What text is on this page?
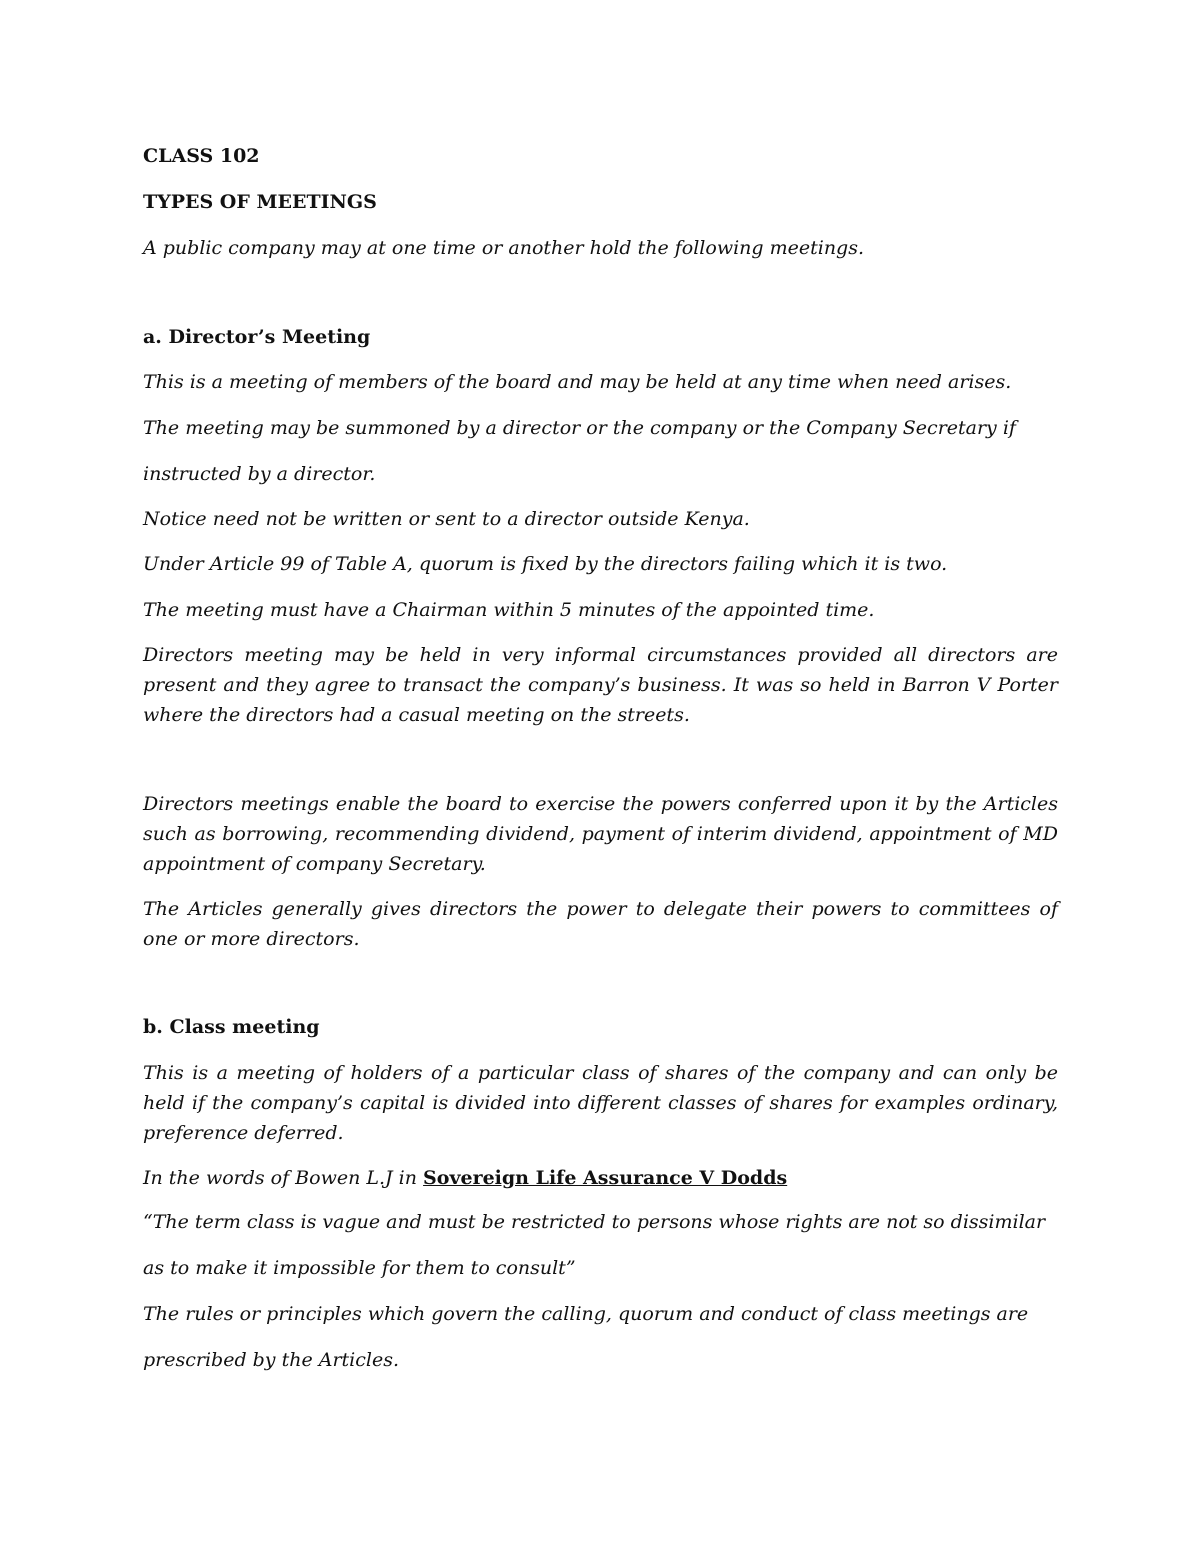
CLASS 102
TYPES OF MEETINGS
A public company may at one time or another hold the following meetings.
a. Director’s Meeting
This is a meeting of members of the board and may be held at any time when need arises.
The meeting may be summoned by a director or the company or the Company Secretary if
instructed by a director.
Notice need not be written or sent to a director outside Kenya.
Under Article 99 of Table A, quorum is fixed by the directors failing which it is two.
The meeting must have a Chairman within 5 minutes of the appointed time.
Directors meeting may be held in very informal circumstances provided all directors are present and they agree to transact the company’s business. It was so held in Barron V Porter where the directors had a casual meeting on the streets.
Directors meetings enable the board to exercise the powers conferred upon it by the Articles such as borrowing, recommending dividend, payment of interim dividend, appointment of MD appointment of company Secretary.
The Articles generally gives directors the power to delegate their powers to committees of one or more directors.
b. Class meeting
This is a meeting of holders of a particular class of shares of the company and can only be held if the company’s capital is divided into different classes of shares for examples ordinary, preference deferred.
In the words of Bowen L.J in Sovereign Life Assurance V Dodds
“The term class is vague and must be restricted to persons whose rights are not so dissimilar
as to make it impossible for them to consult”
The rules or principles which govern the calling, quorum and conduct of class meetings are
prescribed by the Articles.
